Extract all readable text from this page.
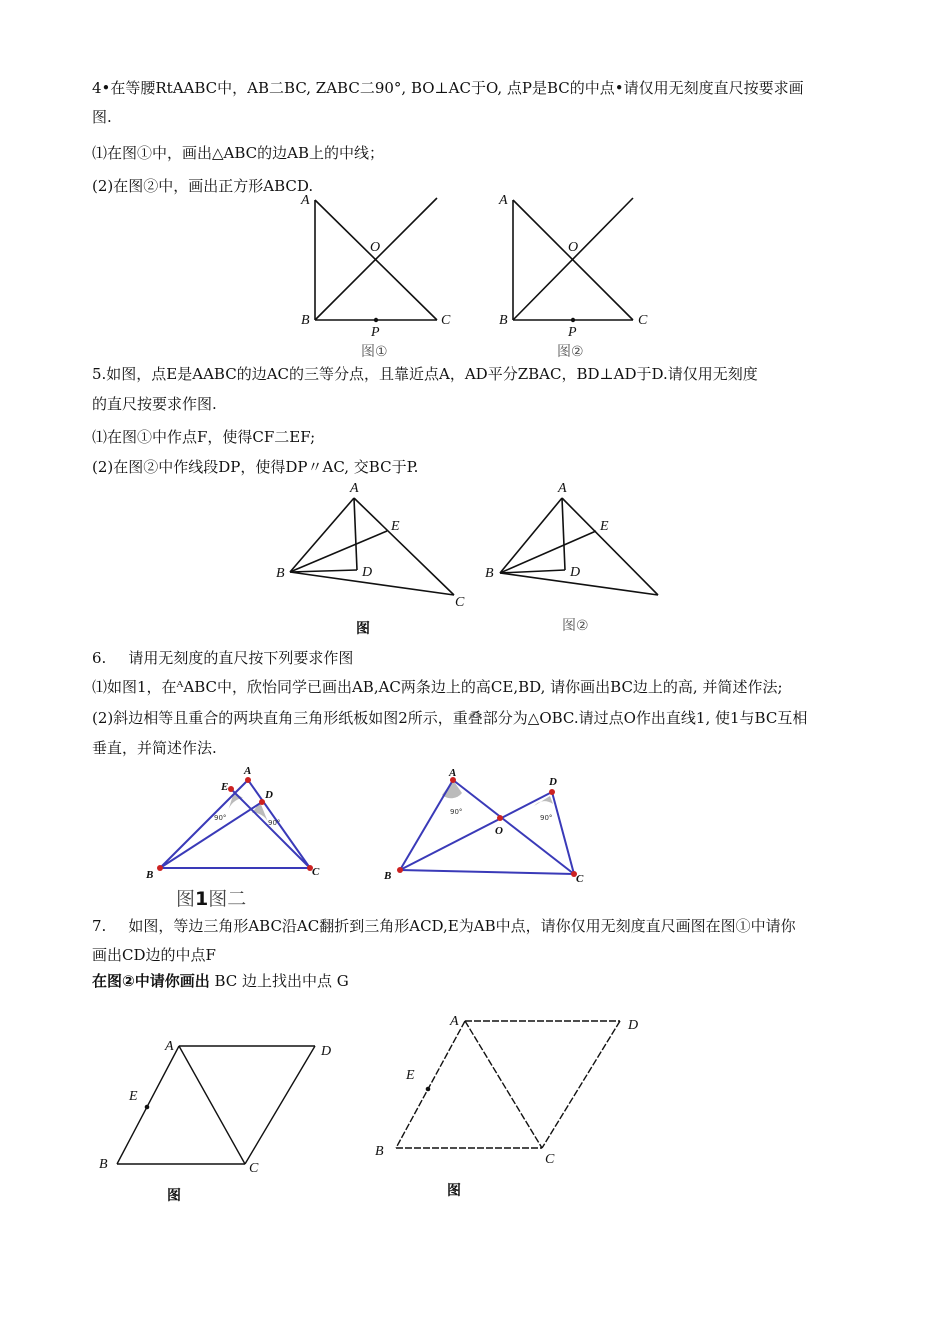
4•在等腰RtAABC中，AB二BC, ZABC二90°, BO⊥AC于O, 点P是BC的中点•请仅用无刻度直尺按要求画
图.
⑴在图①中，画出△ABC的边AB上的中线；
(2)在图②中，画出正方形ABCD.
A
B	C
O
P
图①
A
B	C
O
P
图②
5.如图，点E是AABC的边AC的三等分点，且靠近点A，AD平分ZBAC，BD⊥AD于D.请仅用无刻度
的直尺按要求作图.
⑴在图①中作点F，使得CF二EF;
(2)在图②中作线段DP，使得DP〃AC, 交BC于P.
A
B
C
D
E
图
A
B	D
E
图②
6. 请用无刻度的直尺按下列要求作图
⑴如图1，在ᴬABC中，欣怡同学已画出AB,AC两条边上的高CE,BD, 请你画出BC边上的高, 并简述作法;
(2)斜边相等且重合的两块直角三角形纸板如图2所示，重叠部分为△OBC.请过点O作出直线1, 使1与BC互相
垂直，并简述作法.
90°
90°
A
B	C
D
E
90°
90°
A
B	C
D
O
图1图二
7. 如图，等边三角形ABC沿AC翻折到三角形ACD,E为AB中点，请你仅用无刻度直尺画图在图①中请你
画出CD边的中点F
在图②中请你画出 BC 边上找出中点 G
A
B	C
D
E
图
A
B
C
D
E
图
